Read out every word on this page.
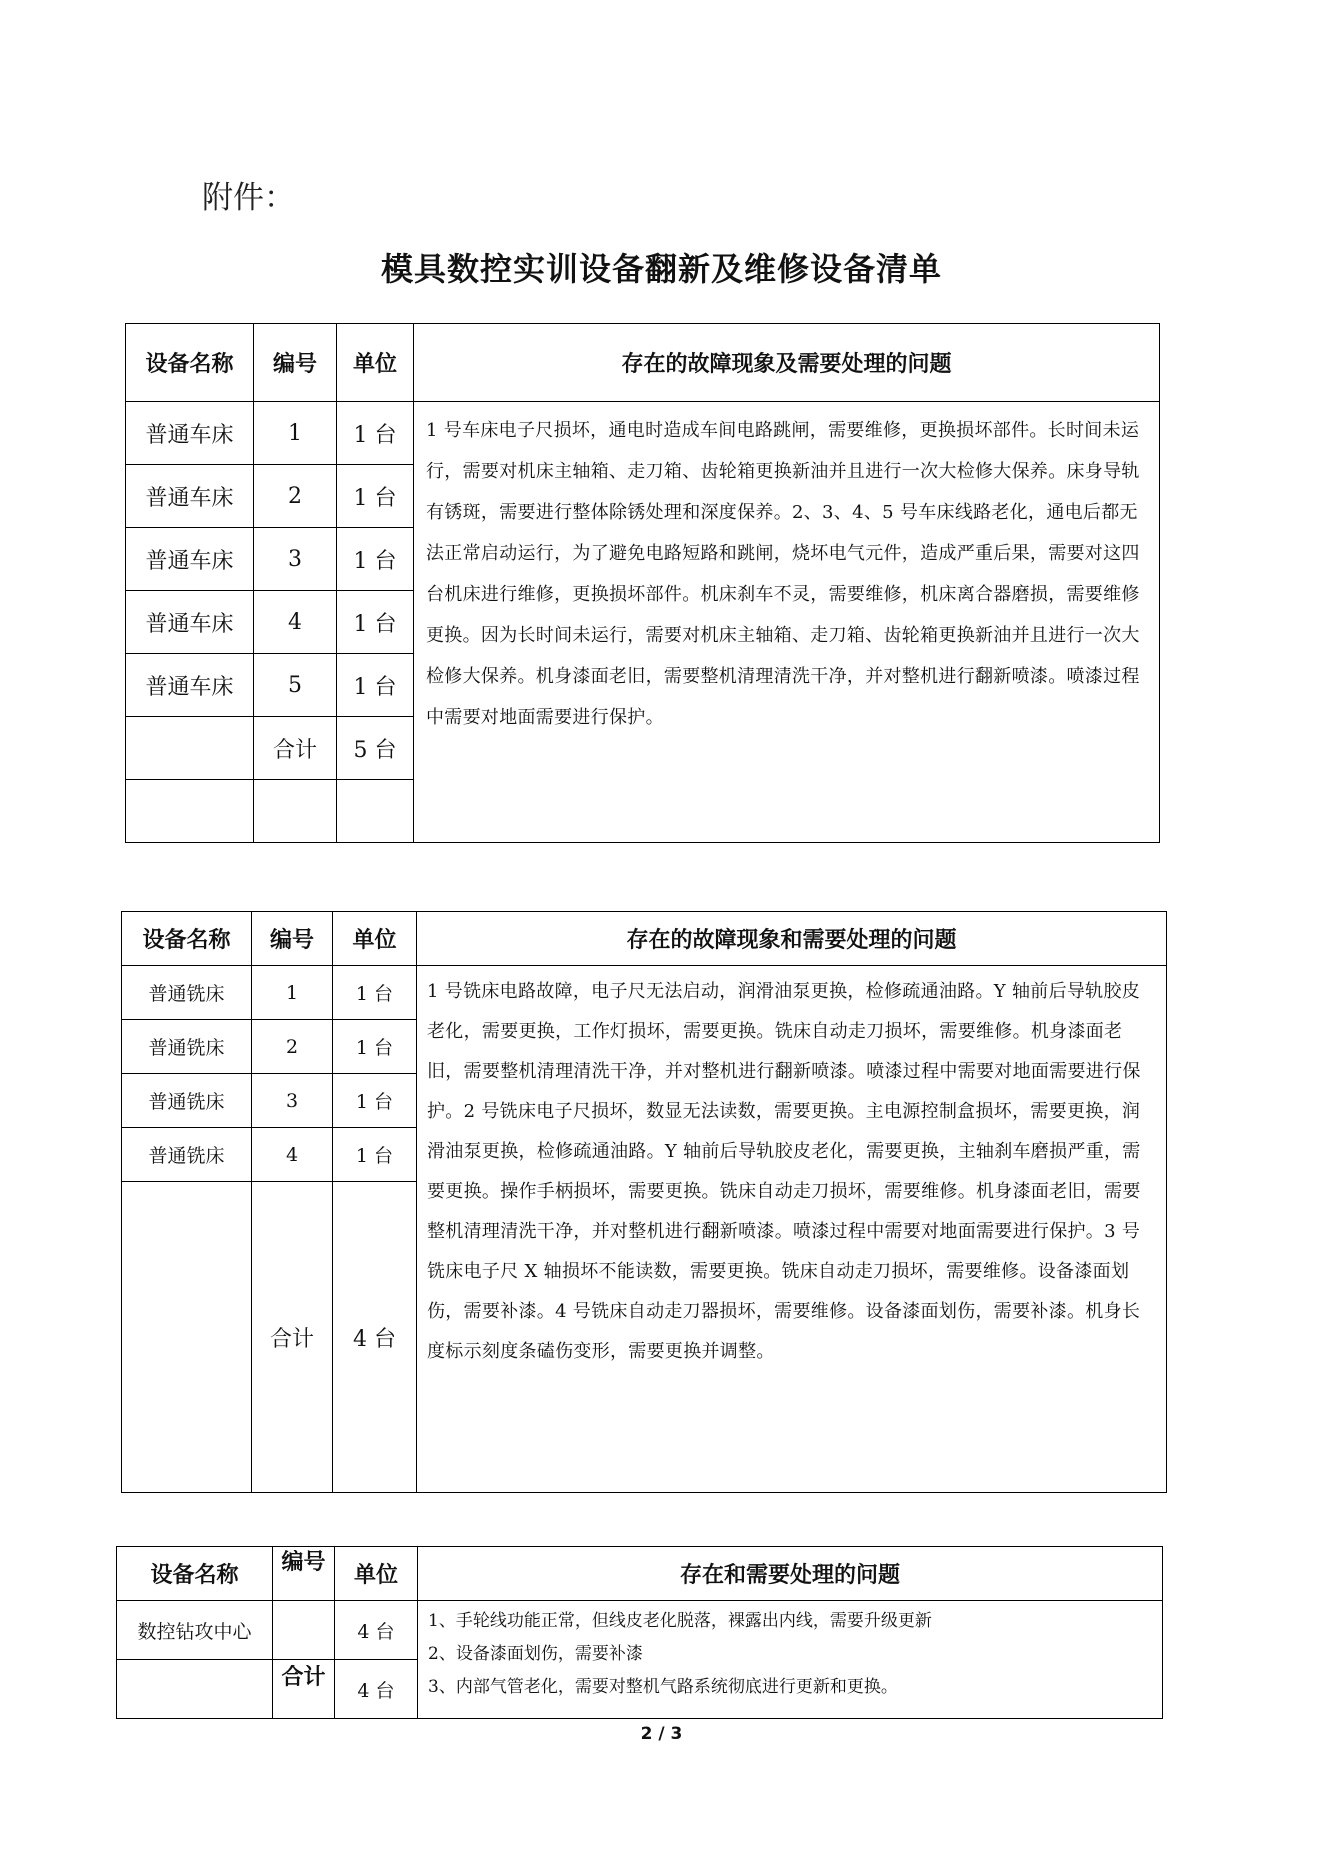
附件：
模具数控实训设备翻新及维修设备清单
设备名称	编号	单位	存在的故障现象及需要处理的问题
普通车床	1	1 台	1 号车床电子尺损坏，通电时造成车间电路跳闸，需要维修，更换损坏部件。长时间未运行，需要对机床主轴箱、走刀箱、齿轮箱更换新油并且进行一次大检修大保养。床身导轨有锈斑，需要进行整体除锈处理和深度保养。2、3、4、5 号车床线路老化，通电后都无法正常启动运行，为了避免电路短路和跳闸，烧坏电气元件，造成严重后果，需要对这四台机床进行维修，更换损坏部件。机床刹车不灵，需要维修，机床离合器磨损，需要维修更换。因为长时间未运行，需要对机床主轴箱、走刀箱、齿轮箱更换新油并且进行一次大检修大保养。机身漆面老旧，需要整机清理清洗干净，并对整机进行翻新喷漆。喷漆过程中需要对地面需要进行保护。
普通车床	2	1 台	
普通车床	3	1 台	
普通车床	4	1 台	
普通车床	5	1 台	
	合计	5 台	

设备名称	编号	单位	存在的故障现象和需要处理的问题
普通铣床	1	1 台	1 号铣床电路故障，电子尺无法启动，润滑油泵更换，检修疏通油路。Y 轴前后导轨胶皮老化，需要更换，工作灯损坏，需要更换。铣床自动走刀损坏，需要维修。机身漆面老旧，需要整机清理清洗干净，并对整机进行翻新喷漆。喷漆过程中需要对地面需要进行保护。2 号铣床电子尺损坏，数显无法读数，需要更换。主电源控制盒损坏，需要更换，润滑油泵更换，检修疏通油路。Y 轴前后导轨胶皮老化，需要更换，主轴刹车磨损严重，需要更换。操作手柄损坏，需要更换。铣床自动走刀损坏，需要维修。机身漆面老旧，需要整机清理清洗干净，并对整机进行翻新喷漆。喷漆过程中需要对地面需要进行保护。3 号铣床电子尺 X 轴损坏不能读数，需要更换。铣床自动走刀损坏，需要维修。设备漆面划伤，需要补漆。4 号铣床自动走刀器损坏，需要维修。设备漆面划伤，需要补漆。机身长度标示刻度条磕伤变形，需要更换并调整。
普通铣床	2	1 台	
普通铣床	3	1 台	
普通铣床	4	1 台	
	合计	4 台	
设备名称	编号	单位	存在和需要处理的问题
数控钻攻中心		4 台	1、手轮线功能正常，但线皮老化脱落，裸露出内线，需要升级更新
2、设备漆面划伤，需要补漆
3、内部气管老化，需要对整机气路系统彻底进行更新和更换。

	合计	4 台	
2 / 3
